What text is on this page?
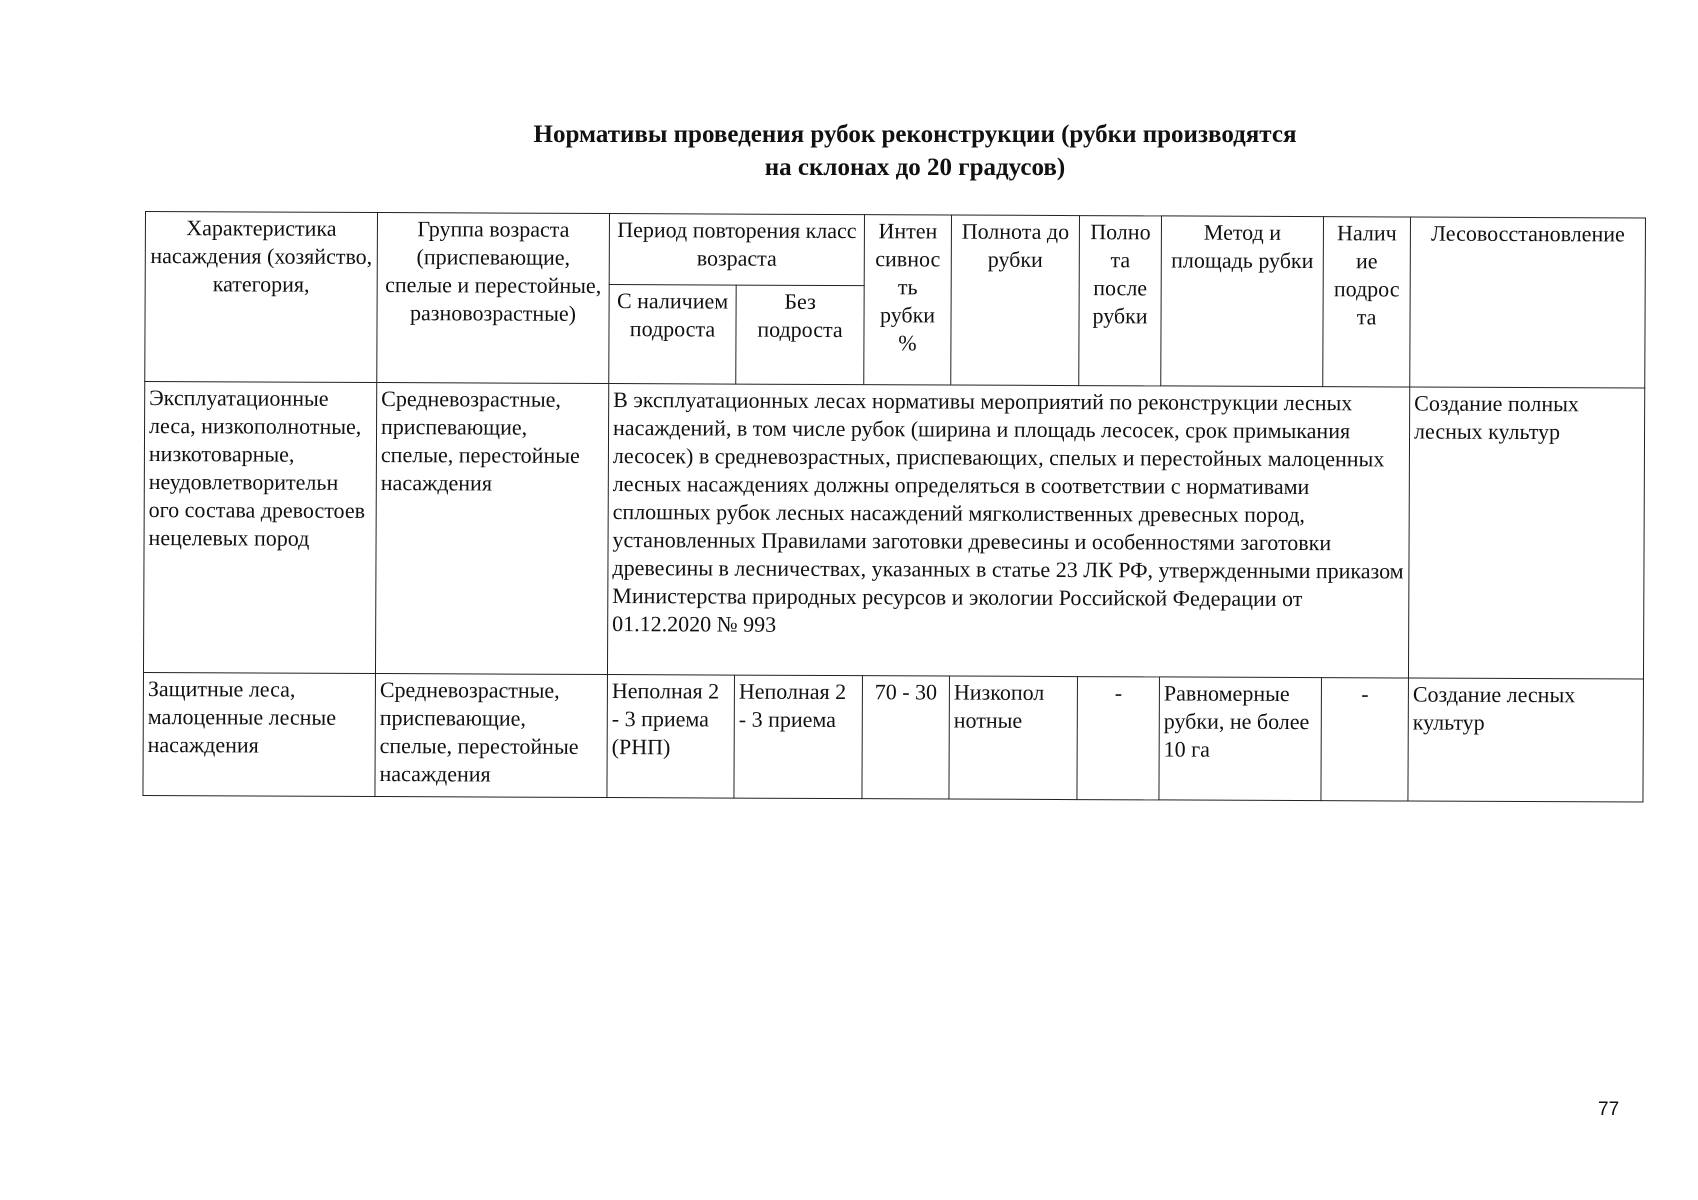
Нормативы проведения рубок реконструкции (рубки производятся
на склонах до 20 градусов)
Характеристика насаждения (хозяйство, категория,	Группа возраста (приспевающие, спелые и перестойные, разновозрастные)	Период повторения класс возраста		Интен сивнос ть рубки %	Полнота до рубки	Полно та после рубки	Метод и площадь рубки	Налич ие подрос та	Лесовосстановление
		С наличием подроста	Без подроста						
Эксплуатационные леса, низкополнотные, низкотоварные, неудовлетворительн ого состава древостоев нецелевых пород	Средневозрастные, приспевающие, спелые, перестойные насаждения	В эксплуатационных лесах нормативы мероприятий по реконструкции лесных насаждений, в том числе рубок (ширина и площадь лесосек, срок примыкания лесосек) в средневозрастных, приспевающих, спелых и перестойных малоценных лесных насаждениях должны определяться в соответствии с нормативами сплошных рубок лесных насаждений мягколиственных древесных пород, установленных Правилами заготовки древесины и особенностями заготовки древесины в лесничествах, указанных в статье 23 ЛК РФ, утвержденными приказом Министерства природных ресурсов и экологии Российской Федерации от 01.12.2020 № 993							Создание полных лесных культур
Защитные леса, малоценные лесные насаждения	Средневозрастные, приспевающие, спелые, перестойные насаждения	Неполная 2 - 3 приема (РНП)	Неполная 2 - 3 приема	70 - 30	Низкопол нотные	-	Равномерные рубки, не более 10 га	-	Создание лесных культур
77
